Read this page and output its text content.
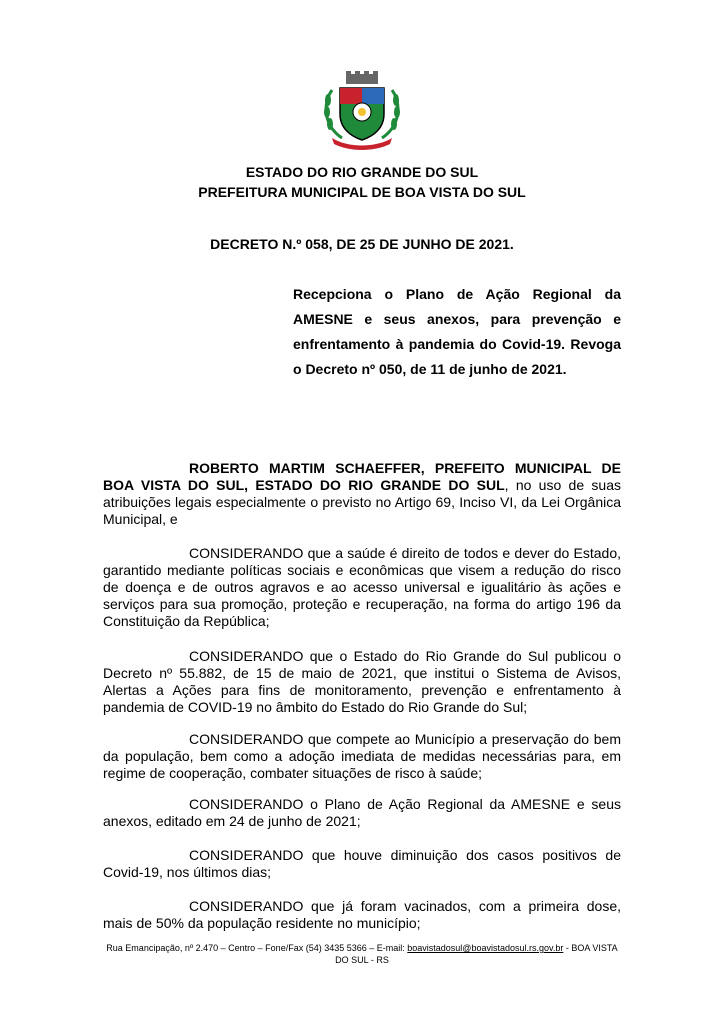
ESTADO DO RIO GRANDE DO SUL
PREFEITURA MUNICIPAL DE BOA VISTA DO SUL
DECRETO N.º 058, DE 25 DE JUNHO DE 2021.
Recepciona o Plano de Ação Regional da AMESNE e seus anexos, para prevenção e enfrentamento à pandemia do Covid-19. Revoga o Decreto nº 050, de 11 de junho de 2021.
ROBERTO MARTIM SCHAEFFER, PREFEITO MUNICIPAL DE BOA VISTA DO SUL, ESTADO DO RIO GRANDE DO SUL, no uso de suas atribuições legais especialmente o previsto no Artigo 69, Inciso VI, da Lei Orgânica Municipal, e
CONSIDERANDO que a saúde é direito de todos e dever do Estado, garantido mediante políticas sociais e econômicas que visem a redução do risco de doença e de outros agravos e ao acesso universal e igualitário às ações e serviços para sua promoção, proteção e recuperação, na forma do artigo 196 da Constituição da República;
CONSIDERANDO que o Estado do Rio Grande do Sul publicou o Decreto nº 55.882, de 15 de maio de 2021, que institui o Sistema de Avisos, Alertas a Ações para fins de monitoramento, prevenção e enfrentamento à pandemia de COVID-19 no âmbito do Estado do Rio Grande do Sul;
CONSIDERANDO que compete ao Município a preservação do bem da população, bem como a adoção imediata de medidas necessárias para, em regime de cooperação, combater situações de risco à saúde;
CONSIDERANDO o Plano de Ação Regional da AMESNE e seus anexos, editado em 24 de junho de 2021;
CONSIDERANDO que houve diminuição dos casos positivos de Covid-19, nos últimos dias;
CONSIDERANDO que já foram vacinados, com a primeira dose, mais de 50% da população residente no município;
Rua Emancipação, nº 2.470 – Centro – Fone/Fax (54) 3435 5366 – E-mail: boavistadosul@boavistadosul.rs.gov.br - BOA VISTA DO SUL - RS
